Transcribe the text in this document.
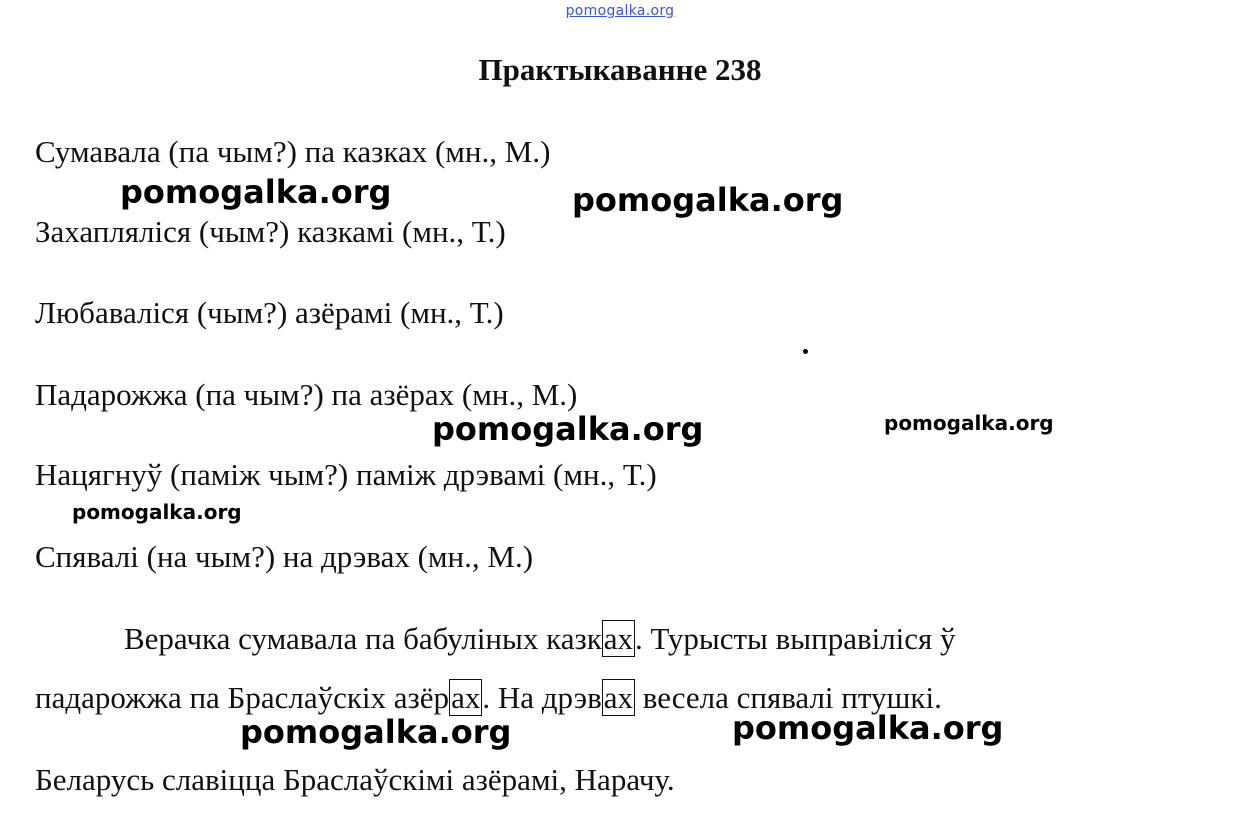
pomogalka.org
Практыкаванне 238
Сумавала (па чым?) па казках (мн., М.)
Захапляліся (чым?) казкамі (мн., Т.)
Любаваліся (чым?) азёрамі (мн., Т.)
Падарожжа (па чым?) па азёрах (мн., М.)
Нацягнуў (паміж чым?) паміж дрэвамі (мн., Т.)
Спявалі (на чым?) на дрэвах (мн., М.)
Верачка сумавала па бабуліных казках. Турысты выправіліся ў
падарожжа па Браслаўскіх азёрах. На дрэвах весела спявалі птушкі.
Беларусь славіцца Браслаўскімі азёрамі, Нарачу.
pomogalka.org	pomogalka.org
pomogalka.org	pomogalka.org
pomogalka.org
pomogalka.org	pomogalka.org
